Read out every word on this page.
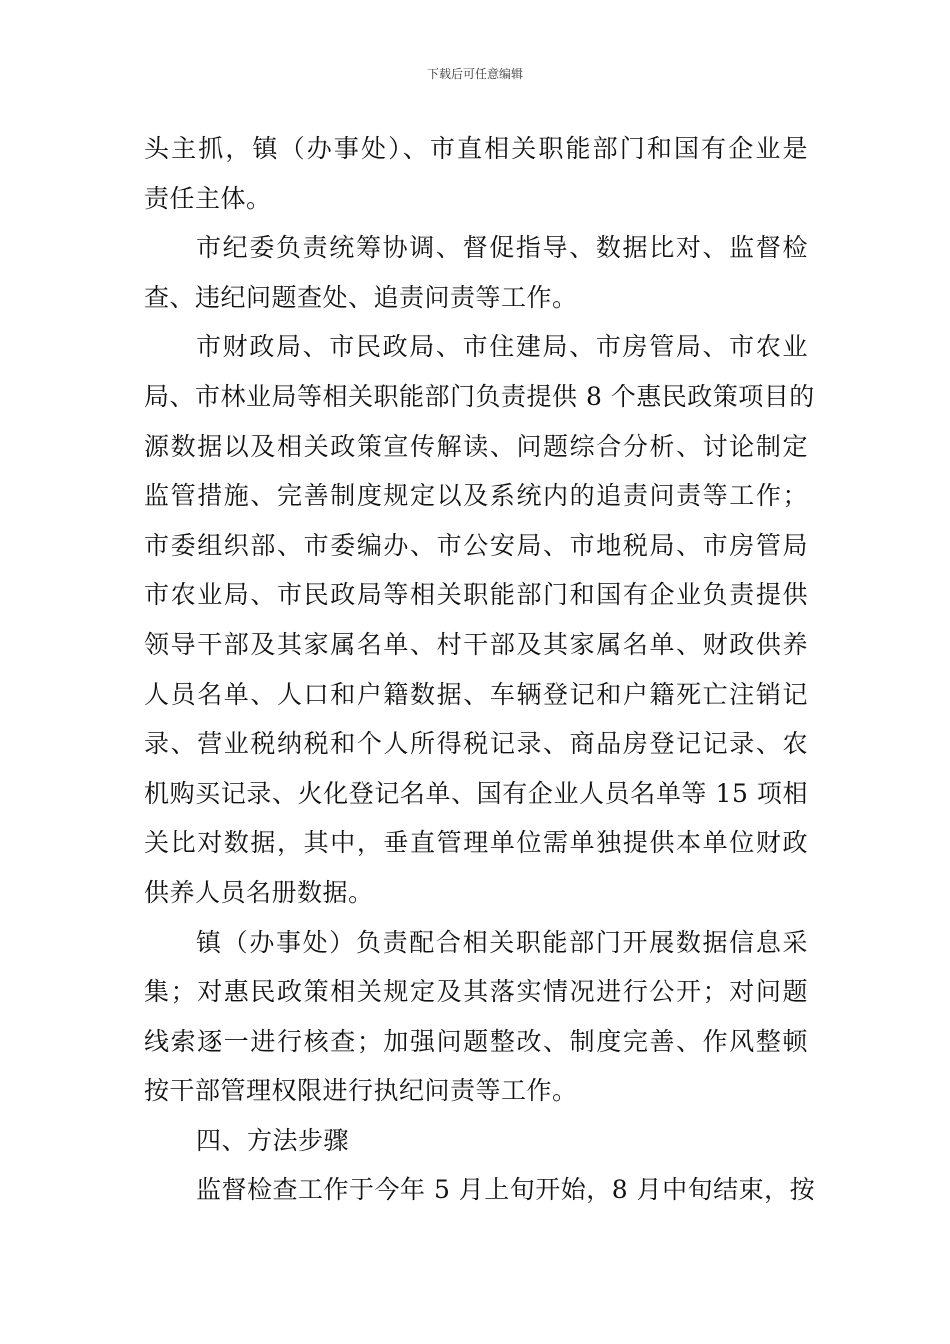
下载后可任意编辑
头主抓，镇（办事处）、市直相关职能部门和国有企业是
责任主体。
市纪委负责统筹协调、督促指导、数据比对、监督检
查、违纪问题查处、追责问责等工作。
市财政局、市民政局、市住建局、市房管局、市农业
局、市林业局等相关职能部门负责提供 8 个惠民政策项目的
源数据以及相关政策宣传解读、问题综合分析、讨论制定
监管措施、完善制度规定以及系统内的追责问责等工作；
市委组织部、市委编办、市公安局、市地税局、市房管局
市农业局、市民政局等相关职能部门和国有企业负责提供
领导干部及其家属名单、村干部及其家属名单、财政供养
人员名单、人口和户籍数据、车辆登记和户籍死亡注销记
录、营业税纳税和个人所得税记录、商品房登记记录、农
机购买记录、火化登记名单、国有企业人员名单等 15 项相
关比对数据，其中，垂直管理单位需单独提供本单位财政
供养人员名册数据。
镇（办事处）负责配合相关职能部门开展数据信息采
集；对惠民政策相关规定及其落实情况进行公开；对问题
线索逐一进行核查；加强问题整改、制度完善、作风整顿
按干部管理权限进行执纪问责等工作。
四、方法步骤
监督检查工作于今年 5 月上旬开始，8 月中旬结束，按
